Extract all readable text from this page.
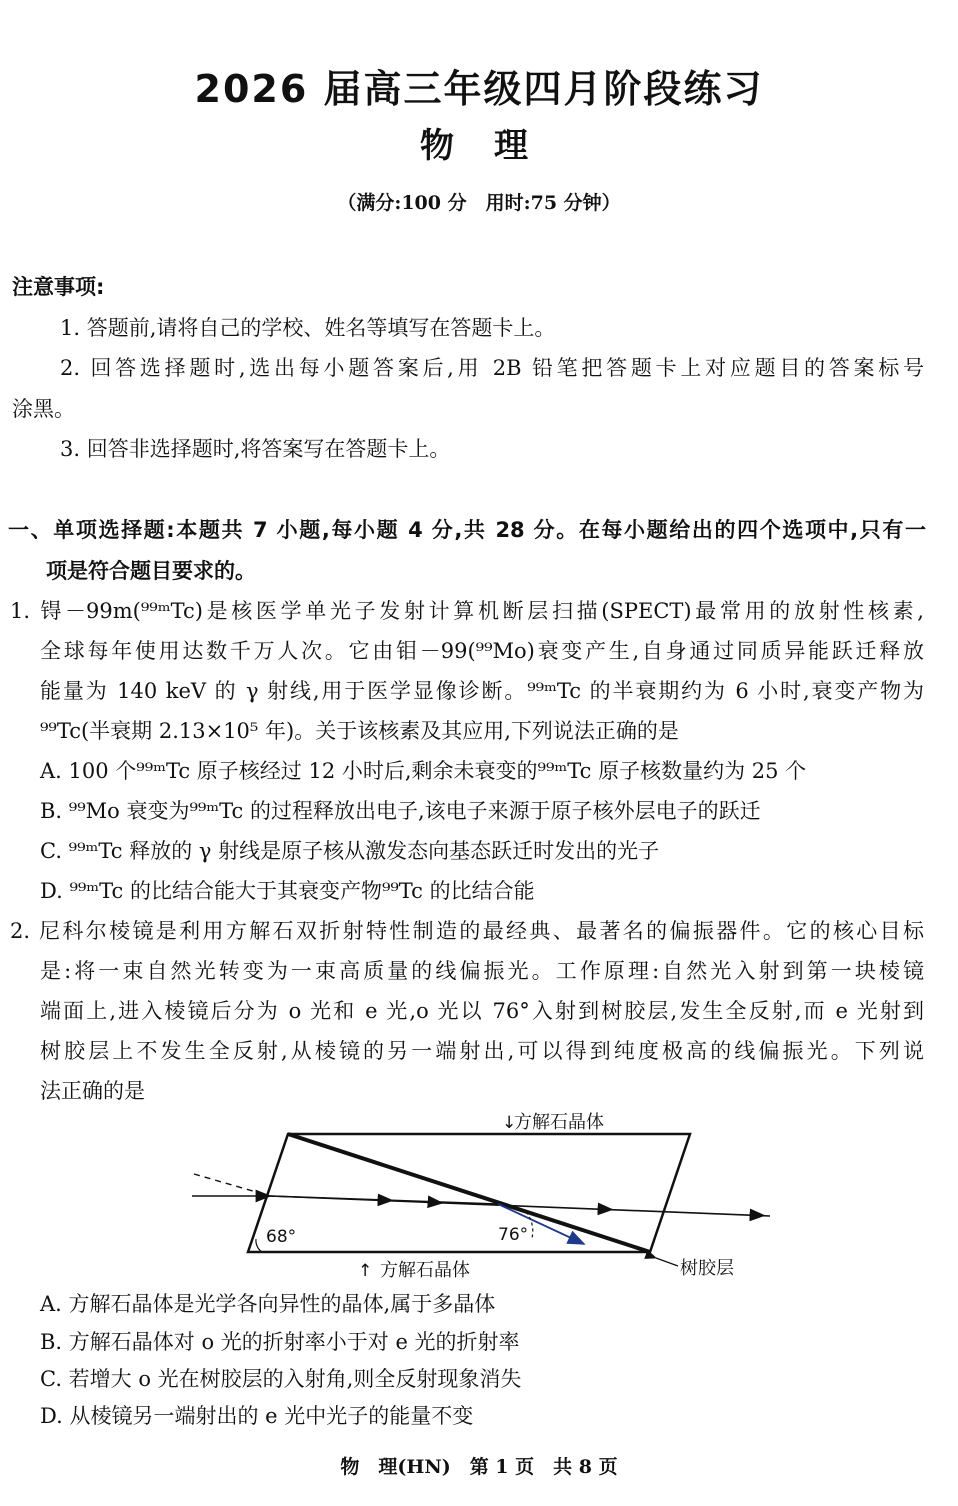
2026 届高三年级四月阶段练习
物理
（满分:100 分　用时:75 分钟）
注意事项:
1. 答题前,请将自己的学校、姓名等填写在答题卡上。
2. 回答选择题时,选出每小题答案后,用 2B 铅笔把答题卡上对应题目的答案标号
涂黑。
3. 回答非选择题时,将答案写在答题卡上。
一、单项选择题:本题共 7 小题,每小题 4 分,共 28 分。在每小题给出的四个选项中,只有一
项是符合题目要求的。
1. 锝－99m(⁹⁹ᵐTc)是核医学单光子发射计算机断层扫描(SPECT)最常用的放射性核素,
全球每年使用达数千万人次。它由钼－99(⁹⁹Mo)衰变产生,自身通过同质异能跃迁释放
能量为 140 keV 的 γ 射线,用于医学显像诊断。⁹⁹ᵐTc 的半衰期约为 6 小时,衰变产物为
⁹⁹Tc(半衰期 2.13×10⁵ 年)。关于该核素及其应用,下列说法正确的是
A. 100 个⁹⁹ᵐTc 原子核经过 12 小时后,剩余未衰变的⁹⁹ᵐTc 原子核数量约为 25 个
B. ⁹⁹Mo 衰变为⁹⁹ᵐTc 的过程释放出电子,该电子来源于原子核外层电子的跃迁
C. ⁹⁹ᵐTc 释放的 γ 射线是原子核从激发态向基态跃迁时发出的光子
D. ⁹⁹ᵐTc 的比结合能大于其衰变产物⁹⁹Tc 的比结合能
2. 尼科尔棱镜是利用方解石双折射特性制造的最经典、最著名的偏振器件。它的核心目标
是:将一束自然光转变为一束高质量的线偏振光。工作原理:自然光入射到第一块棱镜
端面上,进入棱镜后分为 o 光和 e 光,o 光以 76°入射到树胶层,发生全反射,而 e 光射到
树胶层上不发生全反射,从棱镜的另一端射出,可以得到纯度极高的线偏振光。下列说
法正确的是
68°	76°
↓
方解石晶体
↑ 方解石晶体	树胶层
A. 方解石晶体是光学各向异性的晶体,属于多晶体
B. 方解石晶体对 o 光的折射率小于对 e 光的折射率
C. 若增大 o 光在树胶层的入射角,则全反射现象消失
D. 从棱镜另一端射出的 e 光中光子的能量不变
物　理(HN)　第 1 页　共 8 页
